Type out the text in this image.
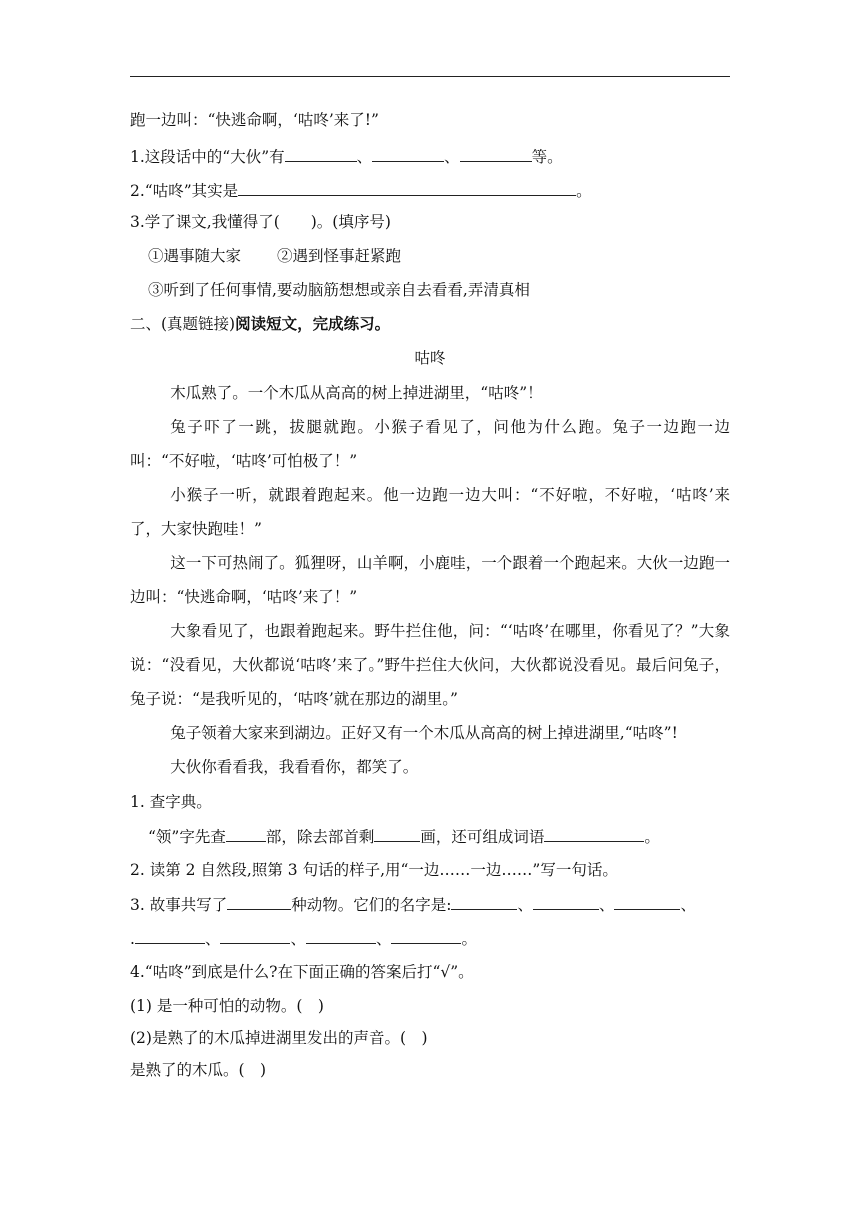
跑一边叫：“快逃命啊，‘咕咚’来了!”
1.这段话中的“大伙”有	、	、	等。
2.“咕咚”其实是	。
3.学了课文,我懂得了(　　)。(填序号)
①遇事随大家 ②遇到怪事赶紧跑
③听到了任何事情,要动脑筋想想或亲自去看看,弄清真相
二、(真题链接)阅读短文，完成练习。
咕咚
木瓜熟了。一个木瓜从高高的树上掉进湖里，“咕咚”！
兔子吓了一跳，拔腿就跑。小猴子看见了，问他为什么跑。兔子一边跑一边叫：“不好啦，‘咕咚’可怕极了！”
小猴子一听，就跟着跑起来。他一边跑一边大叫：“不好啦，不好啦，‘咕咚’来了，大家快跑哇！”
这一下可热闹了。狐狸呀，山羊啊，小鹿哇，一个跟着一个跑起来。大伙一边跑一边叫：“快逃命啊，‘咕咚’来了！”
大象看见了，也跟着跑起来。野牛拦住他，问：“‘咕咚’在哪里，你看见了？”大象说：“没看见，大伙都说‘咕咚’来了。”野牛拦住大伙问，大伙都说没看见。最后问兔子，兔子说：“是我听见的，‘咕咚’就在那边的湖里。”
兔子领着大家来到湖边。正好又有一个木瓜从高高的树上掉进湖里,“咕咚”!
大伙你看看我，我看看你，都笑了。
1. 查字典。
“领”字先查	部，除去部首剩	画，还可组成词语	。
2. 读第 2 自然段,照第 3 句话的样子,用“一边……一边……”写一句话。
3. 故事共写了	种动物。它们的名字是:	、	、	、
.	、	、	、	。
4.“咕咚”到底是什么?在下面正确的答案后打“√”。
(1) 是一种可怕的动物。(　)
(2)是熟了的木瓜掉进湖里发出的声音。(　)
是熟了的木瓜。(　)
